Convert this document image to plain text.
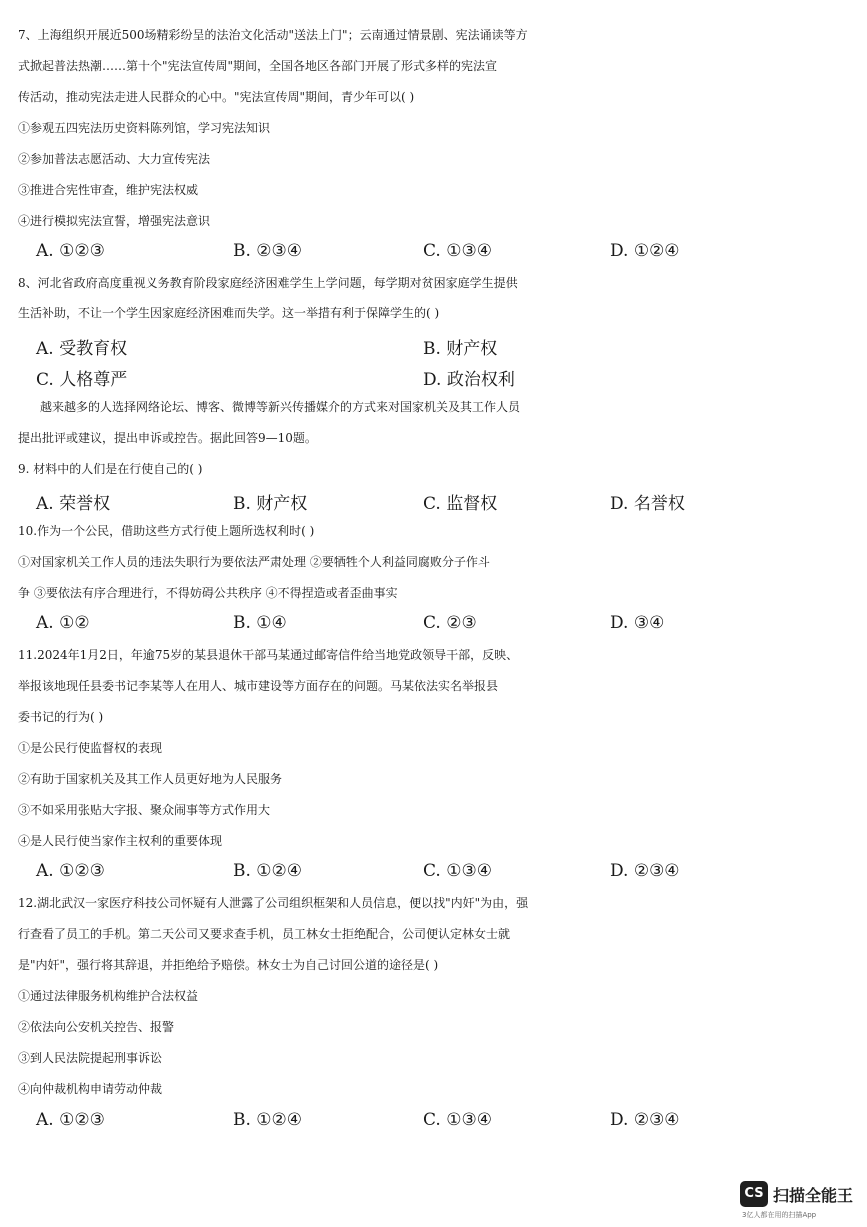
7、上海组织开展近500场精彩纷呈的法治文化活动"送法上门"；云南通过情景剧、宪法诵读等方
式掀起普法热潮……第十个"宪法宣传周"期间，全国各地区各部门开展了形式多样的宪法宣
传活动，推动宪法走进人民群众的心中。"宪法宣传周"期间，青少年可以( )
①参观五四宪法历史资料陈列馆，学习宪法知识
②参加普法志愿活动、大力宣传宪法
③推进合宪性审查，维护宪法权威
④进行模拟宪法宣誓，增强宪法意识
A. ①②③	B. ②③④	C. ①③④	D. ①②④
8、河北省政府高度重视义务教育阶段家庭经济困难学生上学问题，每学期对贫困家庭学生提供
生活补助，不让一个学生因家庭经济困难而失学。这一举措有利于保障学生的( )
A. 受教育权	B. 财产权
C. 人格尊严	D. 政治权利
越来越多的人选择网络论坛、博客、微博等新兴传播媒介的方式来对国家机关及其工作人员
提出批评或建议，提出申诉或控告。据此回答9—10题。
9. 材料中的人们是在行使自己的( )
A. 荣誉权	B. 财产权	C. 监督权	D. 名誉权
10.作为一个公民，借助这些方式行使上题所选权利时( )
①对国家机关工作人员的违法失职行为要依法严肃处理 ②要牺牲个人利益同腐败分子作斗
争 ③要依法有序合理进行，不得妨碍公共秩序 ④不得捏造或者歪曲事实
A. ①②	B. ①④	C. ②③	D. ③④
11.2024年1月2日，年逾75岁的某县退休干部马某通过邮寄信件给当地党政领导干部，反映、
举报该地现任县委书记李某等人在用人、城市建设等方面存在的问题。马某依法实名举报县
委书记的行为( )
①是公民行使监督权的表现
②有助于国家机关及其工作人员更好地为人民服务
③不如采用张贴大字报、聚众闹事等方式作用大
④是人民行使当家作主权利的重要体现
A. ①②③	B. ①②④	C. ①③④	D. ②③④
12.湖北武汉一家医疗科技公司怀疑有人泄露了公司组织框架和人员信息，便以找"内奸"为由，强
行查看了员工的手机。第二天公司又要求查手机，员工林女士拒绝配合，公司便认定林女士就
是"内奸"，强行将其辞退，并拒绝给予赔偿。林女士为自己讨回公道的途径是( )
①通过法律服务机构维护合法权益
②依法向公安机关控告、报警
③到人民法院提起刑事诉讼
④向仲裁机构申请劳动仲裁
A. ①②③	B. ①②④	C. ①③④	D. ②③④
CS 扫描全能王
3亿人都在用的扫描App
